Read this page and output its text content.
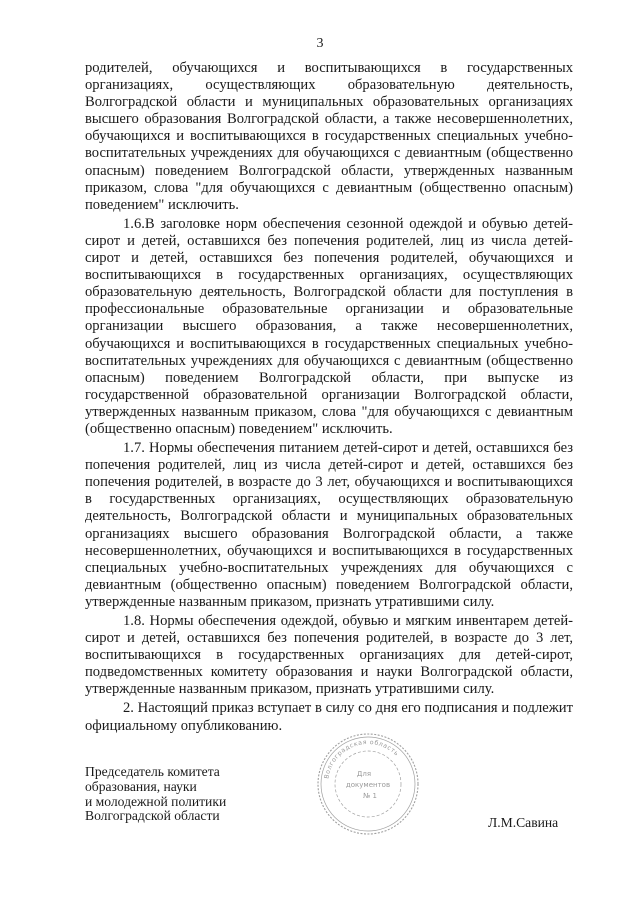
3

родителей, обучающихся и воспитывающихся в государственных организациях, осуществляющих образовательную деятельность, Волгоградской области и муниципальных образовательных организациях высшего образования Волгоградской области, а также несовершеннолетних, обучающихся и воспитывающихся в государственных специальных учебно-воспитательных учреждениях для обучающихся с девиантным (общественно опасным) поведением Волгоградской области, утвержденных названным приказом, слова "для обучающихся с девиантным (общественно опасным) поведением" исключить.

1.6.В заголовке норм обеспечения сезонной одеждой и обувью детей-сирот и детей, оставшихся без попечения родителей, лиц из числа детей-сирот и детей, оставшихся без попечения родителей, обучающихся и воспитывающихся в государственных организациях, осуществляющих образовательную деятельность, Волгоградской области для поступления в профессиональные образовательные организации и образовательные организации высшего образования, а также несовершеннолетних, обучающихся и воспитывающихся в государственных специальных учебно-воспитательных учреждениях для обучающихся с девиантным (общественно опасным) поведением Волгоградской области, при выпуске из государственной образовательной организации Волгоградской области, утвержденных названным приказом, слова "для обучающихся с девиантным (общественно опасным) поведением" исключить.

1.7. Нормы обеспечения питанием детей-сирот и детей, оставшихся без попечения родителей, лиц из числа детей-сирот и детей, оставшихся без попечения родителей, в возрасте до 3 лет, обучающихся и воспитывающихся в государственных организациях, осуществляющих образовательную деятельность, Волгоградской области и муниципальных образовательных организациях высшего образования Волгоградской области, а также несовершеннолетних, обучающихся и воспитывающихся в государственных специальных учебно-воспитательных учреждениях для обучающихся с девиантным (общественно опасным) поведением Волгоградской области, утвержденные названным приказом, признать утратившими силу.

1.8. Нормы обеспечения одеждой, обувью и мягким инвентарем детей-сирот и детей, оставшихся без попечения родителей, в возрасте до 3 лет, воспитывающихся в государственных организациях для детей-сирот, подведомственных комитету образования и науки Волгоградской области, утвержденные названным приказом, признать утратившими силу.

2. Настоящий приказ вступает в силу со дня его подписания и подлежит официальному опубликованию.

Председатель комитета
образования, науки
и молодежной политики
Волгоградской области
Волгоградская область
Для
документов
№ 1
Л.М.Савина
